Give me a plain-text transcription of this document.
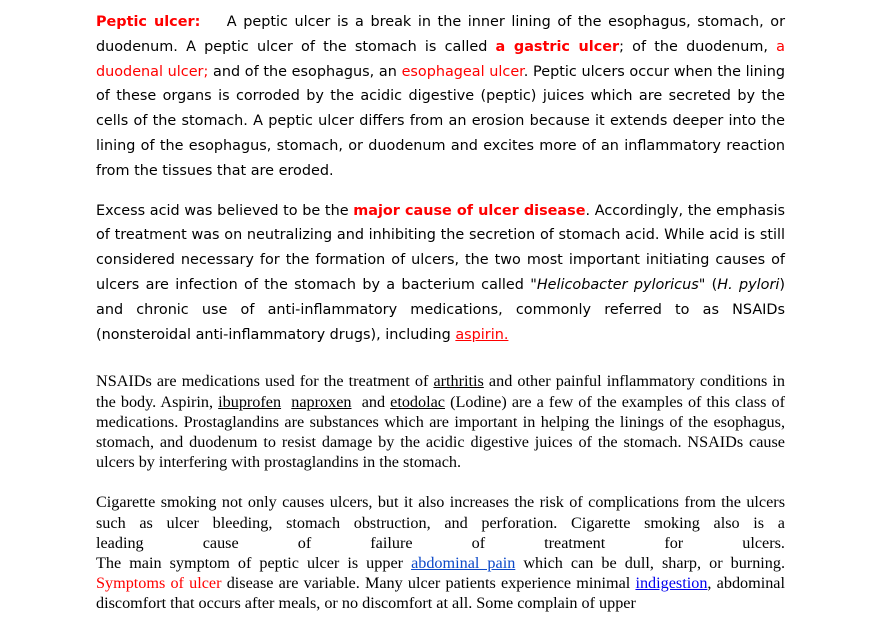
Peptic ulcer: A peptic ulcer is a break in the inner lining of the esophagus, stomach, or duodenum. A peptic ulcer of the stomach is called a gastric ulcer; of the duodenum, a duodenal ulcer; and of the esophagus, an esophageal ulcer. Peptic ulcers occur when the lining of these organs is corroded by the acidic digestive (peptic) juices which are secreted by the cells of the stomach. A peptic ulcer differs from an erosion because it extends deeper into the lining of the esophagus, stomach, or duodenum and excites more of an inflammatory reaction from the tissues that are eroded.

Excess acid was believed to be the major cause of ulcer disease. Accordingly, the emphasis of treatment was on neutralizing and inhibiting the secretion of stomach acid. While acid is still considered necessary for the formation of ulcers, the two most important initiating causes of ulcers are infection of the stomach by a bacterium called "Helicobacter pyloricus" (H. pylori) and chronic use of anti-inflammatory medications, commonly referred to as NSAIDs (nonsteroidal anti-inflammatory drugs), including aspirin.

NSAIDs are medications used for the treatment of arthritis and other painful inflammatory conditions in the body. Aspirin, ibuprofen naproxen and etodolac (Lodine) are a few of the examples of this class of medications. Prostaglandins are substances which are important in helping the linings of the esophagus, stomach, and duodenum to resist damage by the acidic digestive juices of the stomach. NSAIDs cause ulcers by interfering with prostaglandins in the stomach.

Cigarette smoking not only causes ulcers, but it also increases the risk of complications from the ulcers such as ulcer bleeding, stomach obstruction, and perforation. Cigarette smoking also is a
leading	cause	of	failure	of	treatment	for	ulcers.
The main symptom of peptic ulcer is upper abdominal pain which can be dull, sharp, or burning. Symptoms of ulcer disease are variable. Many ulcer patients experience minimal indigestion, abdominal discomfort that occurs after meals, or no discomfort at all. Some complain of upper
